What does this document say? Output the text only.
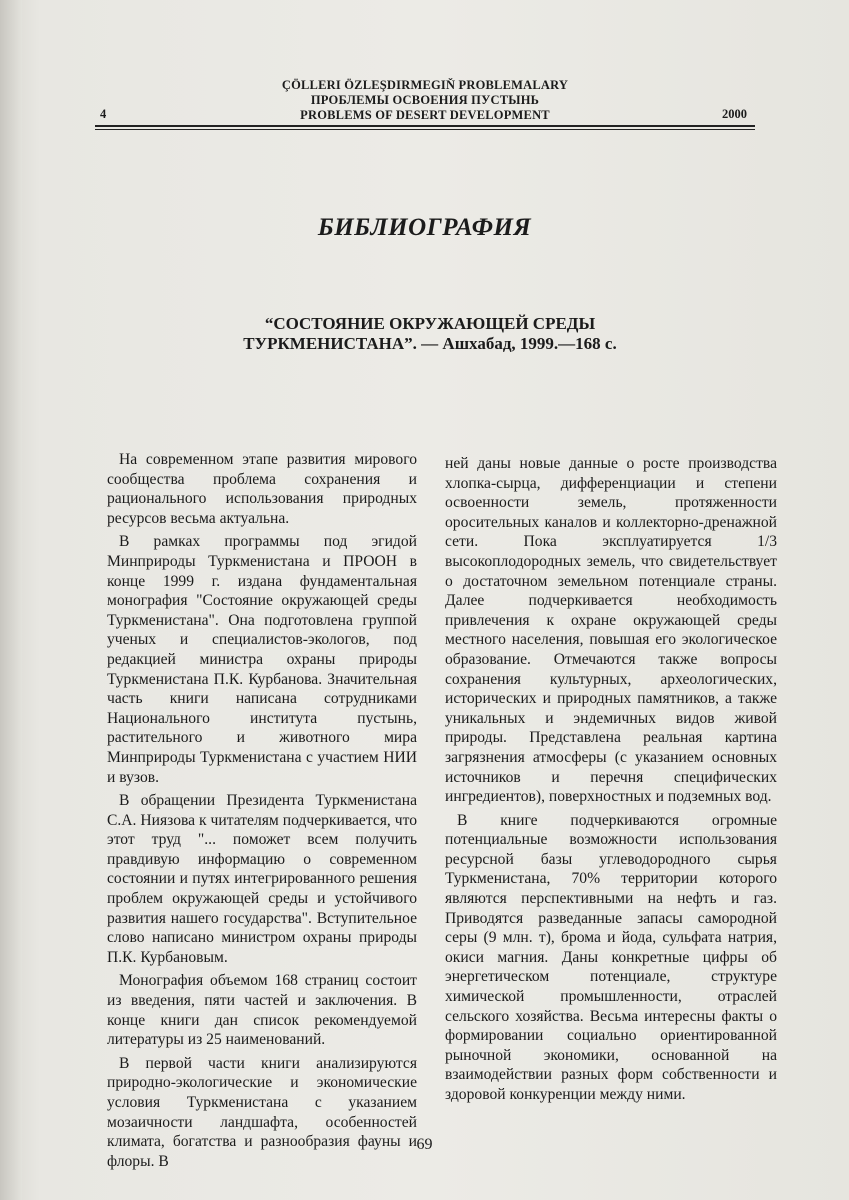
ÇÖLLERI ÖZLEŞDIRMEGIŇ PROBLEMALARY
ПРОБЛЕМЫ ОСВОЕНИЯ ПУСТЫНЬ
PROBLEMS OF DESERT DEVELOPMENT
4	2000
БИБЛИОГРАФИЯ
“СОСТОЯНИЕ ОКРУЖАЮЩЕЙ СРЕДЫ
ТУРКМЕНИСТАНА”. — Ашхабад, 1999.—168 с.

На современном этапе развития мирового сообщества проблема сохранения и рационального использования природных ресурсов весьма актуальна.

В рамках программы под эгидой Минприроды Туркменистана и ПРООН в конце 1999 г. издана фундаментальная монография "Состояние окружающей среды Туркменистана". Она подготовлена группой ученых и специалистов-экологов, под редакцией министра охраны природы Туркменистана П.К. Курбанова. Значительная часть книги написана сотрудниками Национального института пустынь, растительного и животного мира Минприроды Туркменистана с участием НИИ и вузов.

В обращении Президента Туркменистана С.А. Ниязова к читателям подчеркивается, что этот труд "... поможет всем получить правдивую информацию о современном состоянии и путях интегрированного решения проблем окружающей среды и устойчивого развития нашего государства". Вступительное слово написано министром охраны природы П.К. Курбановым.

Монография объемом 168 страниц состоит из введения, пяти частей и заключения. В конце книги дан список рекомендуемой литературы из 25 наименований.

В первой части книги анализируются природно-экологические и экономические условия Туркменистана с указанием мозаичности ландшафта, особенностей климата, богатства и разнообразия фауны и флоры. В

ней даны новые данные о росте производства хлопка-сырца, дифференциации и степени освоенности земель, протяженности оросительных каналов и коллекторно-дренажной сети. Пока эксплуатируется 1/3 высокоплодородных земель, что свидетельствует о достаточном земельном потенциале страны. Далее подчеркивается необходимость привлечения к охране окружающей среды местного населения, повышая его экологическое образование. Отмечаются также вопросы сохранения культурных, археологических, исторических и природных памятников, а также уникальных и эндемичных видов живой природы. Представлена реальная картина загрязнения атмосферы (с указанием основных источников и перечня специфических ингредиентов), поверхностных и подземных вод.

В книге подчеркиваются огромные потенциальные возможности использования ресурсной базы углеводородного сырья Туркменистана, 70% территории которого являются перспективными на нефть и газ. Приводятся разведанные запасы самородной серы (9 млн. т), брома и йода, сульфата натрия, окиси магния. Даны конкретные цифры об энергетическом потенциале, структуре химической промышленности, отраслей сельского хозяйства. Весьма интересны факты о формировании социально ориентированной рыночной экономики, основанной на взаимодействии разных форм собственности и здоровой конкуренции между ними.

69
